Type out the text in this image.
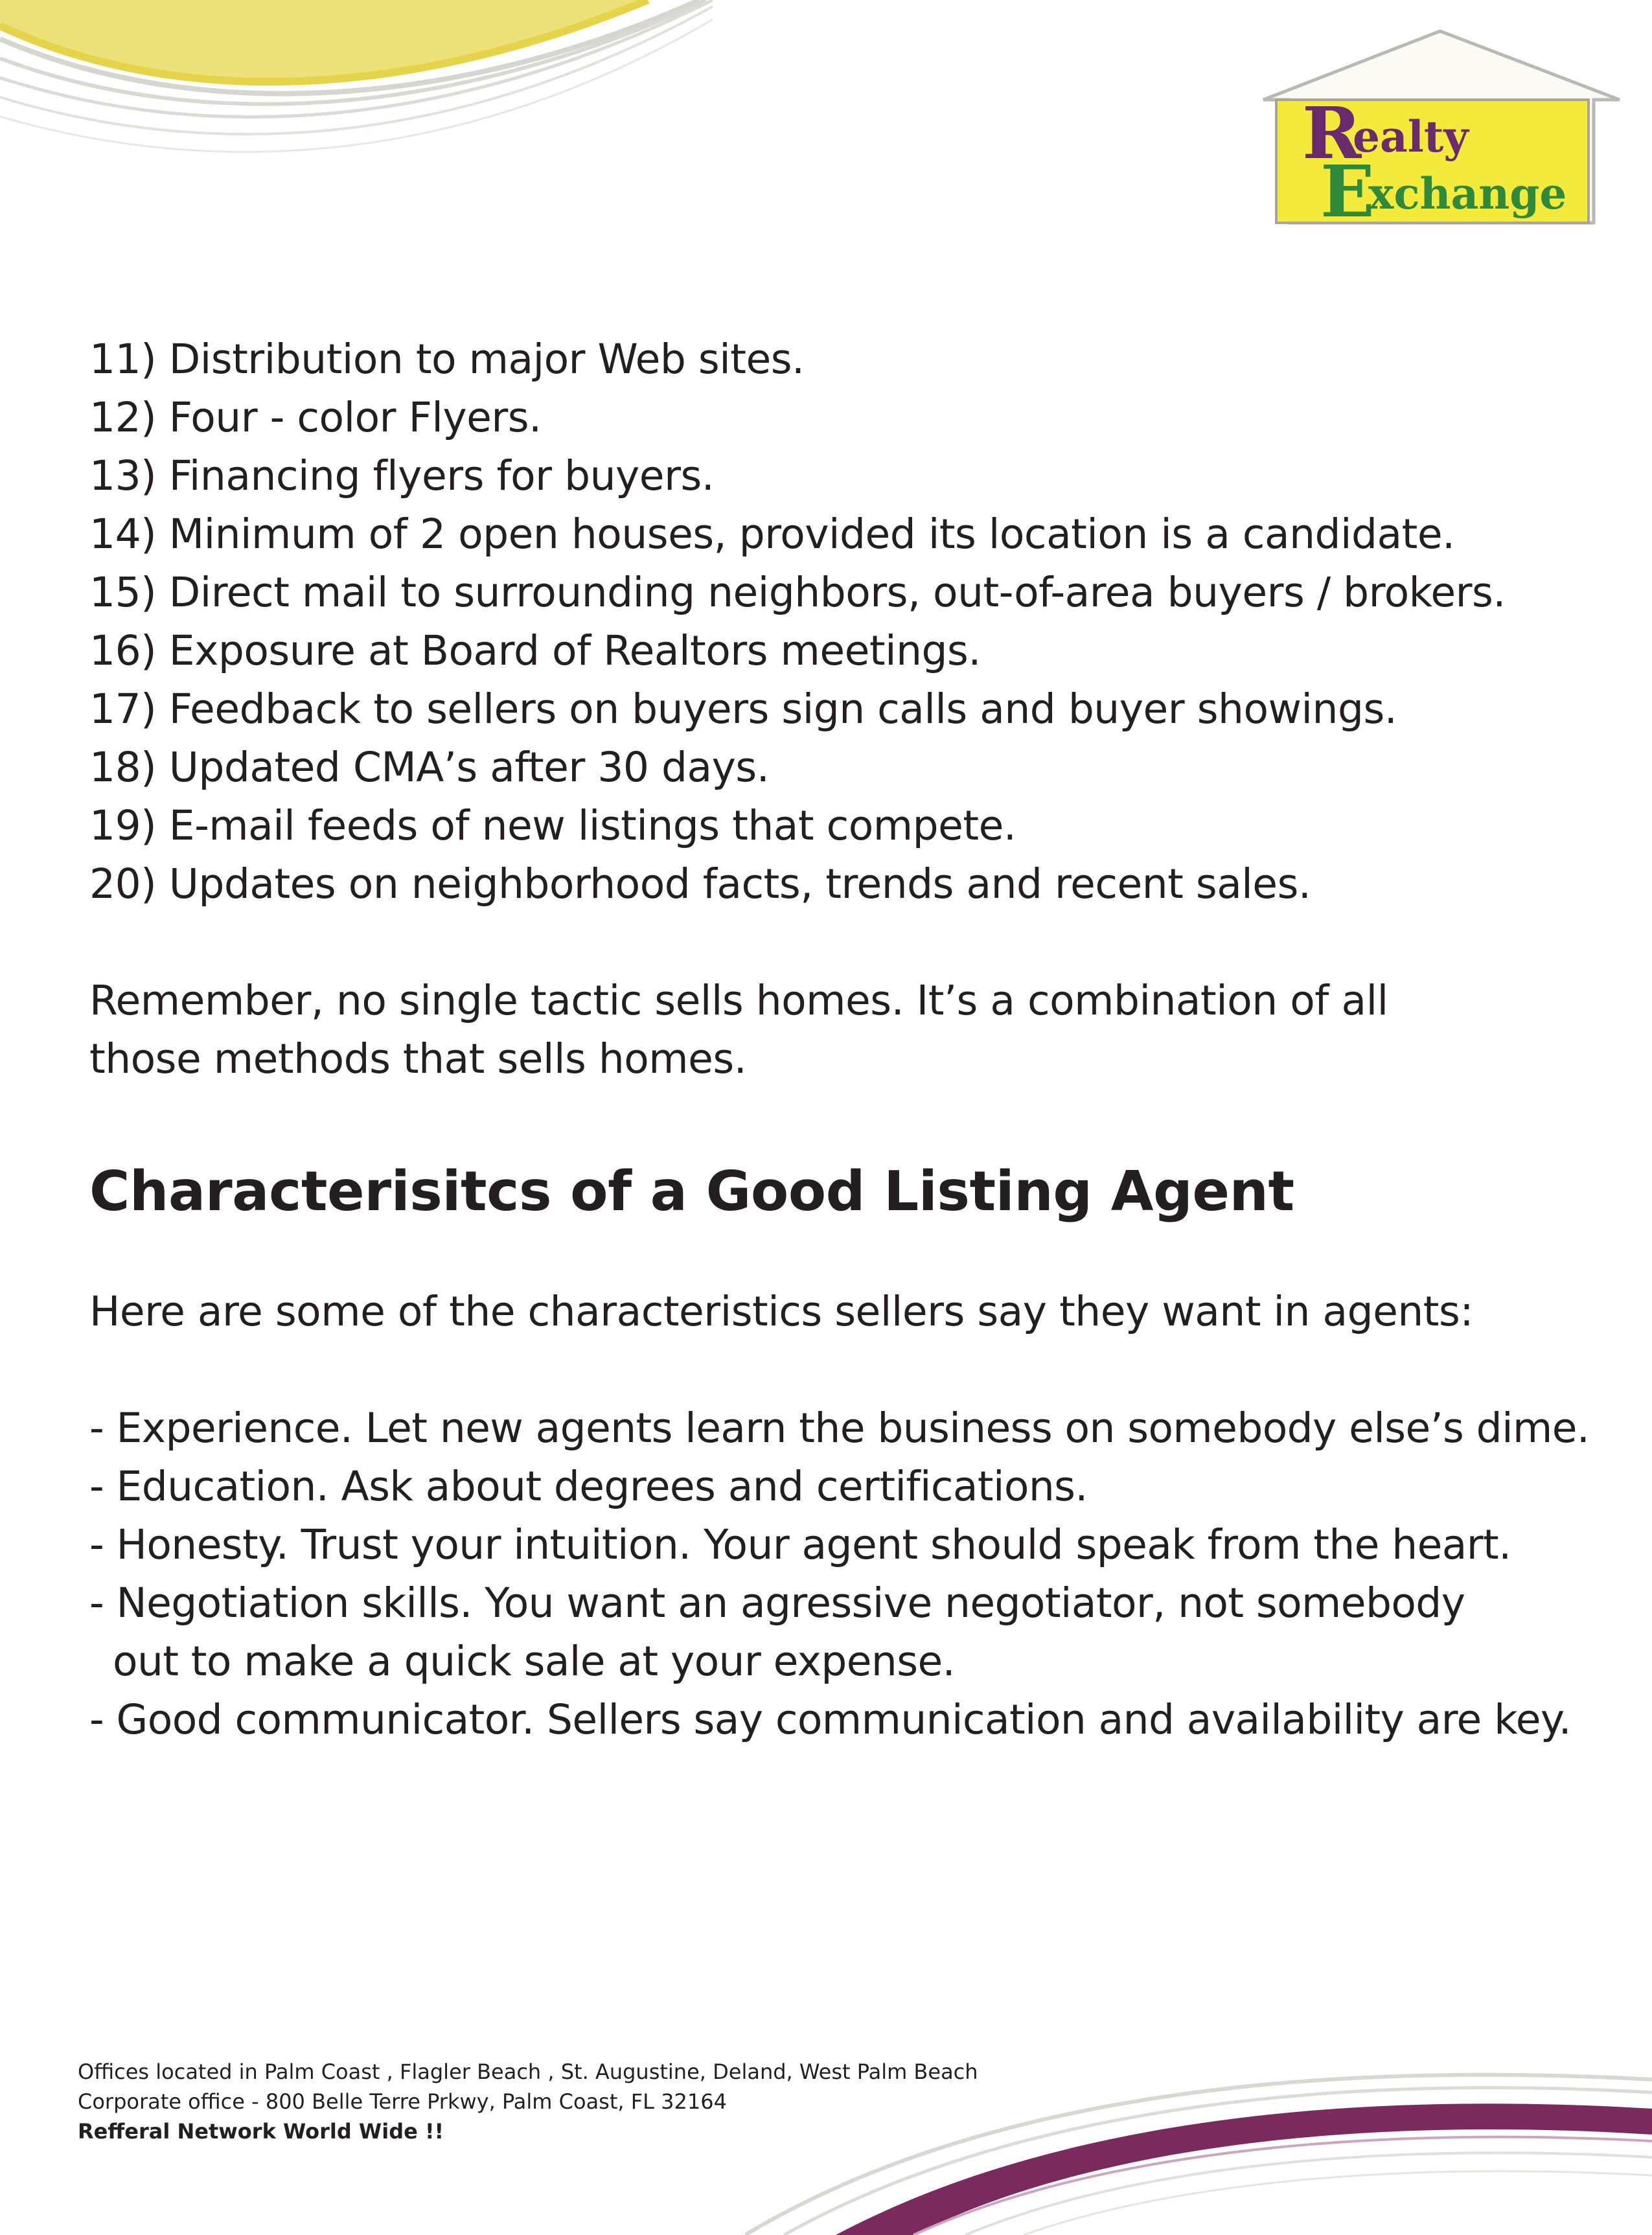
R
ealty
E
xchange
11) Distribution to major Web sites.
12) Four - color Flyers.
13) Financing flyers for buyers.
14) Minimum of 2 open houses, provided its location is a candidate.
15) Direct mail to surrounding neighbors, out-of-area buyers / brokers.
16) Exposure at Board of Realtors meetings.
17) Feedback to sellers on buyers sign calls and buyer showings.
18) Updated CMA’s after 30 days.
19) E-mail feeds of new listings that compete.
20) Updates on neighborhood facts, trends and recent sales.
Remember, no single tactic sells homes. It’s a combination of all
those methods that sells homes.
Characterisitcs of a Good Listing Agent
Here are some of the characteristics sellers say they want in agents:
- Experience. Let new agents learn the business on somebody else’s dime.
- Education. Ask about degrees and certifications.
- Honesty. Trust your intuition. Your agent should speak from the heart.
- Negotiation skills. You want an agressive negotiator, not somebody
out to make a quick sale at your expense.
- Good communicator. Sellers say communication and availability are key.
Offices located in Palm Coast , Flagler Beach , St. Augustine, Deland, West Palm Beach
Corporate office - 800 Belle Terre Prkwy, Palm Coast, FL 32164
Refferal Network World Wide !!
